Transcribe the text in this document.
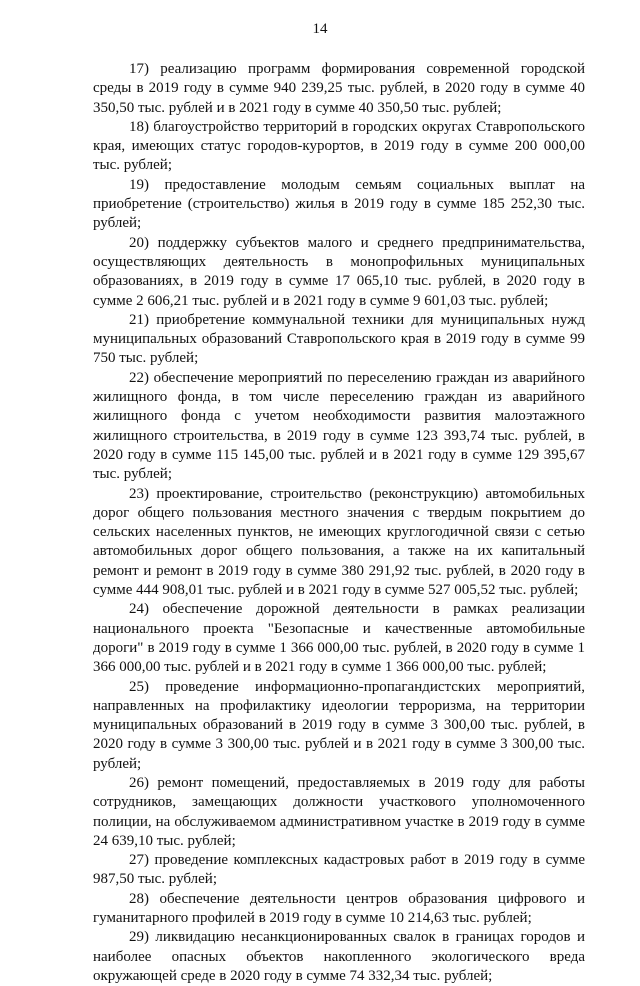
14

17) реализацию программ формирования современной городской среды в 2019 году в сумме 940 239,25 тыс. рублей, в 2020 году в сумме 40 350,50 тыс. рублей и в 2021 году в сумме 40 350,50 тыс. рублей;

18) благоустройство территорий в городских округах Ставропольского края, имеющих статус городов-курортов, в 2019 году в сумме 200 000,00 тыс. рублей;

19) предоставление молодым семьям социальных выплат на приобретение (строительство) жилья в 2019 году в сумме 185 252,30 тыс. рублей;

20) поддержку субъектов малого и среднего предпринимательства, осуществляющих деятельность в монопрофильных муниципальных образованиях, в 2019 году в сумме 17 065,10 тыс. рублей, в 2020 году в сумме 2 606,21 тыс. рублей и в 2021 году в сумме 9 601,03 тыс. рублей;

21) приобретение коммунальной техники для муниципальных нужд муниципальных образований Ставропольского края в 2019 году в сумме 99 750 тыс. рублей;

22) обеспечение мероприятий по переселению граждан из аварийного жилищного фонда, в том числе переселению граждан из аварийного жилищного фонда с учетом необходимости развития малоэтажного жилищного строительства, в 2019 году в сумме 123 393,74 тыс. рублей, в 2020 году в сумме 115 145,00 тыс. рублей и в 2021 году в сумме 129 395,67 тыс. рублей;

23) проектирование, строительство (реконструкцию) автомобильных дорог общего пользования местного значения с твердым покрытием до сельских населенных пунктов, не имеющих круглогодичной связи с сетью автомобильных дорог общего пользования, а также на их капитальный ремонт и ремонт в 2019 году в сумме 380 291,92 тыс. рублей, в 2020 году в сумме 444 908,01 тыс. рублей и в 2021 году в сумме 527 005,52 тыс. рублей;

24) обеспечение дорожной деятельности в рамках реализации национального проекта "Безопасные и качественные автомобильные дороги" в 2019 году в сумме 1 366 000,00 тыс. рублей, в 2020 году в сумме 1 366 000,00 тыс. рублей и в 2021 году в сумме 1 366 000,00 тыс. рублей;

25) проведение информационно-пропагандистских мероприятий, направленных на профилактику идеологии терроризма, на территории муниципальных образований в 2019 году в сумме 3 300,00 тыс. рублей, в 2020 году в сумме 3 300,00 тыс. рублей и в 2021 году в сумме 3 300,00 тыс. рублей;

26) ремонт помещений, предоставляемых в 2019 году для работы сотрудников, замещающих должности участкового уполномоченного полиции, на обслуживаемом административном участке в 2019 году в сумме 24 639,10 тыс. рублей;

27) проведение комплексных кадастровых работ в 2019 году в сумме 987,50 тыс. рублей;

28) обеспечение деятельности центров образования цифрового и гуманитарного профилей в 2019 году в сумме 10 214,63 тыс. рублей;

29) ликвидацию несанкционированных свалок в границах городов и наиболее опасных объектов накопленного экологического вреда окружающей среде в 2020 году в сумме 74 332,34 тыс. рублей;
